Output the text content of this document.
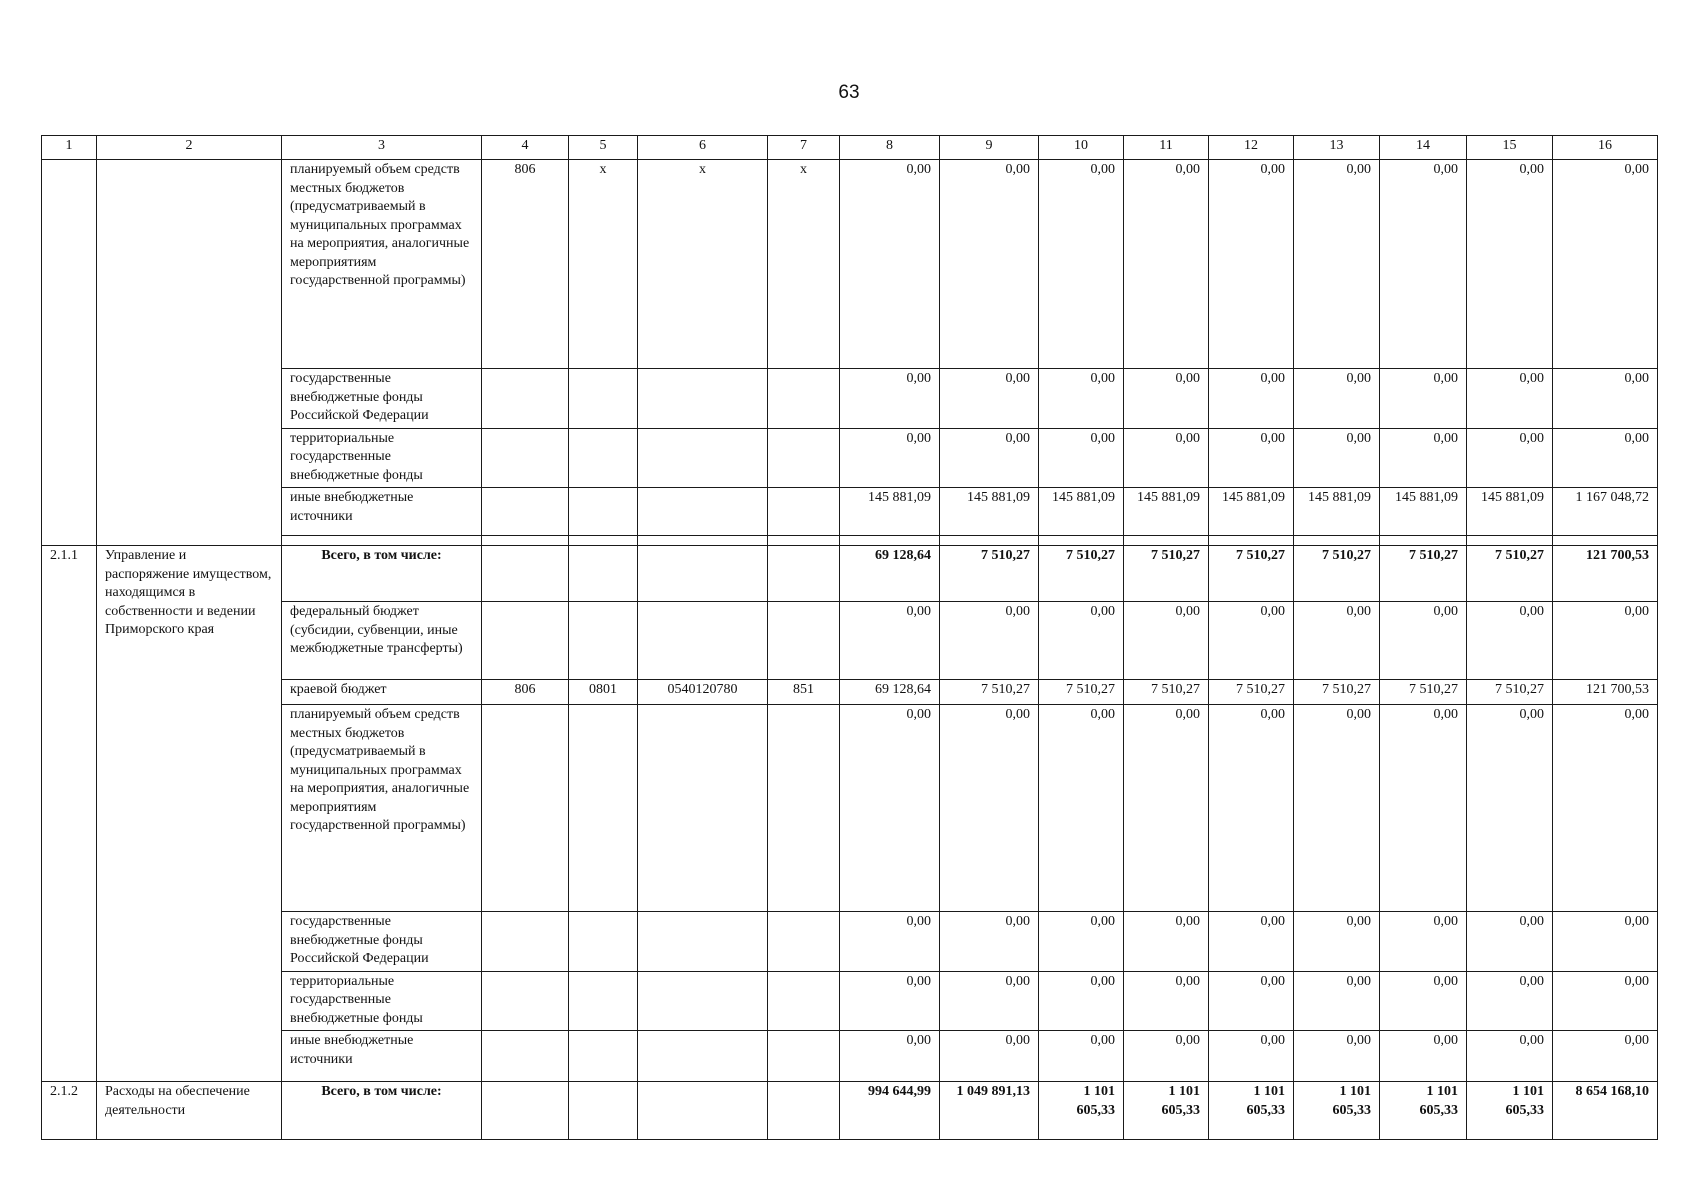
63
1	2	3	4	5	6	7	8	9	10	11	12	13	14	15	16
		планируемый объем средств местных бюджетов (предусматриваемый в муниципальных программах на мероприятия, аналогичные мероприятиям государственной программы)	806	х	х	х	0,00	0,00	0,00	0,00	0,00	0,00	0,00	0,00	0,00
		государственные внебюджетные фонды Российской Федерации					0,00	0,00	0,00	0,00	0,00	0,00	0,00	0,00	0,00
		территориальные государственные внебюджетные фонды					0,00	0,00	0,00	0,00	0,00	0,00	0,00	0,00	0,00
		иные внебюджетные источники					145 881,09	145 881,09	145 881,09	145 881,09	145 881,09	145 881,09	145 881,09	145 881,09	1 167 048,72

2.1.1	Управление и распоряжение имуществом, находящимся в собственности и ведении Приморского края	Всего, в том числе:					69 128,64	7 510,27	7 510,27	7 510,27	7 510,27	7 510,27	7 510,27	7 510,27	121 700,53
		федеральный бюджет (субсидии, субвенции, иные межбюджетные трансферты)					0,00	0,00	0,00	0,00	0,00	0,00	0,00	0,00	0,00
		краевой бюджет	806	0801	0540120780	851	69 128,64	7 510,27	7 510,27	7 510,27	7 510,27	7 510,27	7 510,27	7 510,27	121 700,53
		планируемый объем средств местных бюджетов (предусматриваемый в муниципальных программах на мероприятия, аналогичные мероприятиям государственной программы)					0,00	0,00	0,00	0,00	0,00	0,00	0,00	0,00	0,00
		государственные внебюджетные фонды Российской Федерации					0,00	0,00	0,00	0,00	0,00	0,00	0,00	0,00	0,00
		территориальные государственные внебюджетные фонды					0,00	0,00	0,00	0,00	0,00	0,00	0,00	0,00	0,00
		иные внебюджетные источники					0,00	0,00	0,00	0,00	0,00	0,00	0,00	0,00	0,00
2.1.2	Расходы на обеспечение деятельности	Всего, в том числе:					994 644,99	1 049 891,13	1 101 605,33	1 101 605,33	1 101 605,33	1 101 605,33	1 101 605,33	1 101 605,33	8 654 168,10
